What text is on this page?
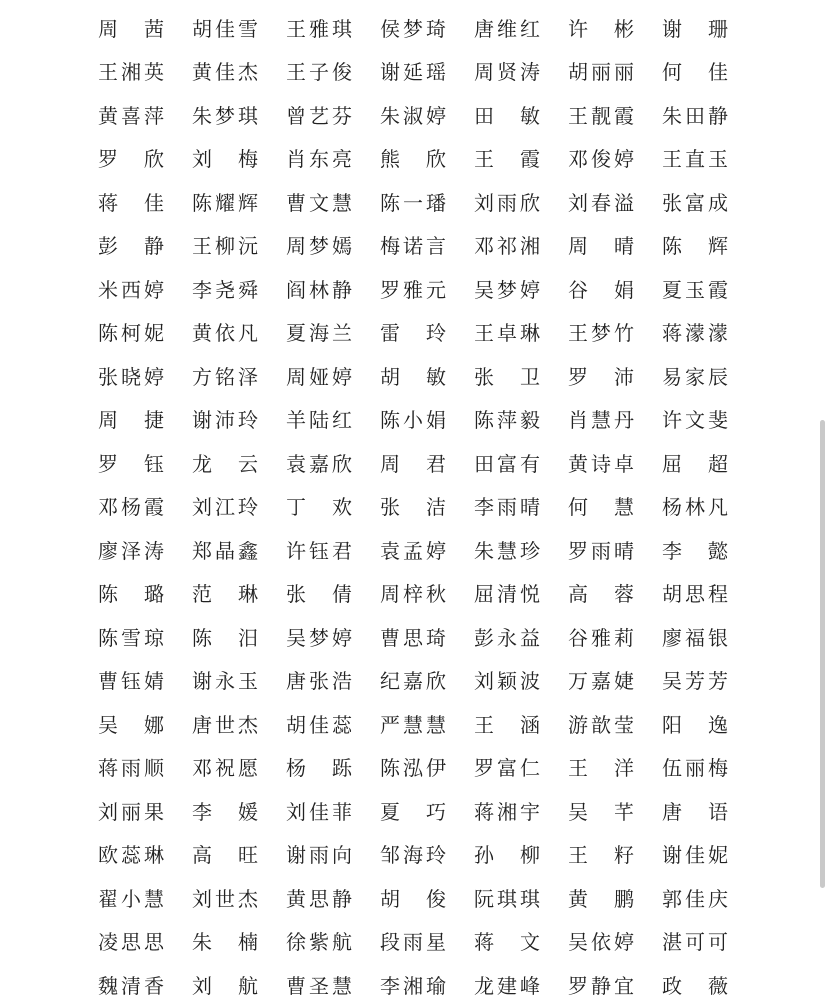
周 茜 胡 佳 雪 王 雅 琪 侯 梦 琦 唐 维 红 许 彬 谢 珊
王 湘 英 黄 佳 杰 王 子 俊 谢 延 瑶 周 贤 涛 胡 丽 丽 何 佳
黄 喜 萍 朱 梦 琪 曾 艺 芬 朱 淑 婷 田 敏 王 靓 霞 朱 田 静
罗 欣 刘 梅 肖 东 亮 熊 欣 王 霞 邓 俊 婷 王 直 玉
蒋 佳 陈 耀 辉 曹 文 慧 陈 一 璠 刘 雨 欣 刘 春 溢 张 富 成
彭 静 王 柳 沅 周 梦 嫣 梅 诺 言 邓 祁 湘 周 晴 陈 辉
米 西 婷 李 尧 舜 阎 林 静 罗 雅 元 吴 梦 婷 谷 娟 夏 玉 霞
陈 柯 妮 黄 依 凡 夏 海 兰 雷 玲 王 卓 琳 王 梦 竹 蒋 濛 濛
张 晓 婷 方 铭 泽 周 娅 婷 胡 敏 张 卫 罗 沛 易 家 辰
周 捷 谢 沛 玲 羊 陆 红 陈 小 娟 陈 萍 毅 肖 慧 丹 许 文 斐
罗 钰 龙 云 袁 嘉 欣 周 君 田 富 有 黄 诗 卓 屈 超
邓 杨 霞 刘 江 玲 丁 欢 张 洁 李 雨 晴 何 慧 杨 林 凡
廖 泽 涛 郑 晶 鑫 许 钰 君 袁 孟 婷 朱 慧 珍 罗 雨 晴 李 懿
陈 璐 范 琳 张 倩 周 梓 秋 屈 清 悦 高 蓉 胡 思 程
陈 雪 琼 陈 汨 吴 梦 婷 曹 思 琦 彭 永 益 谷 雅 莉 廖 福 银
曹 钰 婧 谢 永 玉 唐 张 浩 纪 嘉 欣 刘 颖 波 万 嘉 婕 吴 芳 芳
吴 娜 唐 世 杰 胡 佳 蕊 严 慧 慧 王 涵 游 歆 莹 阳 逸
蒋 雨 顺 邓 祝 愿 杨 跞 陈 泓 伊 罗 富 仁 王 洋 伍 丽 梅
刘 丽 果 李 媛 刘 佳 菲 夏 巧 蒋 湘 宇 吴 芊 唐 语
欧 蕊 琳 高 旺 谢 雨 向 邹 海 玲 孙 柳 王 籽 谢 佳 妮
翟 小 慧 刘 世 杰 黄 思 静 胡 俊 阮 琪 琪 黄 鹏 郭 佳 庆
凌 思 思 朱 楠 徐 紫 航 段 雨 星 蒋 文 吴 依 婷 湛 可 可
魏 清 香 刘 航 曹 圣 慧 李 湘 瑜 龙 建 峰 罗 静 宜 政 薇
